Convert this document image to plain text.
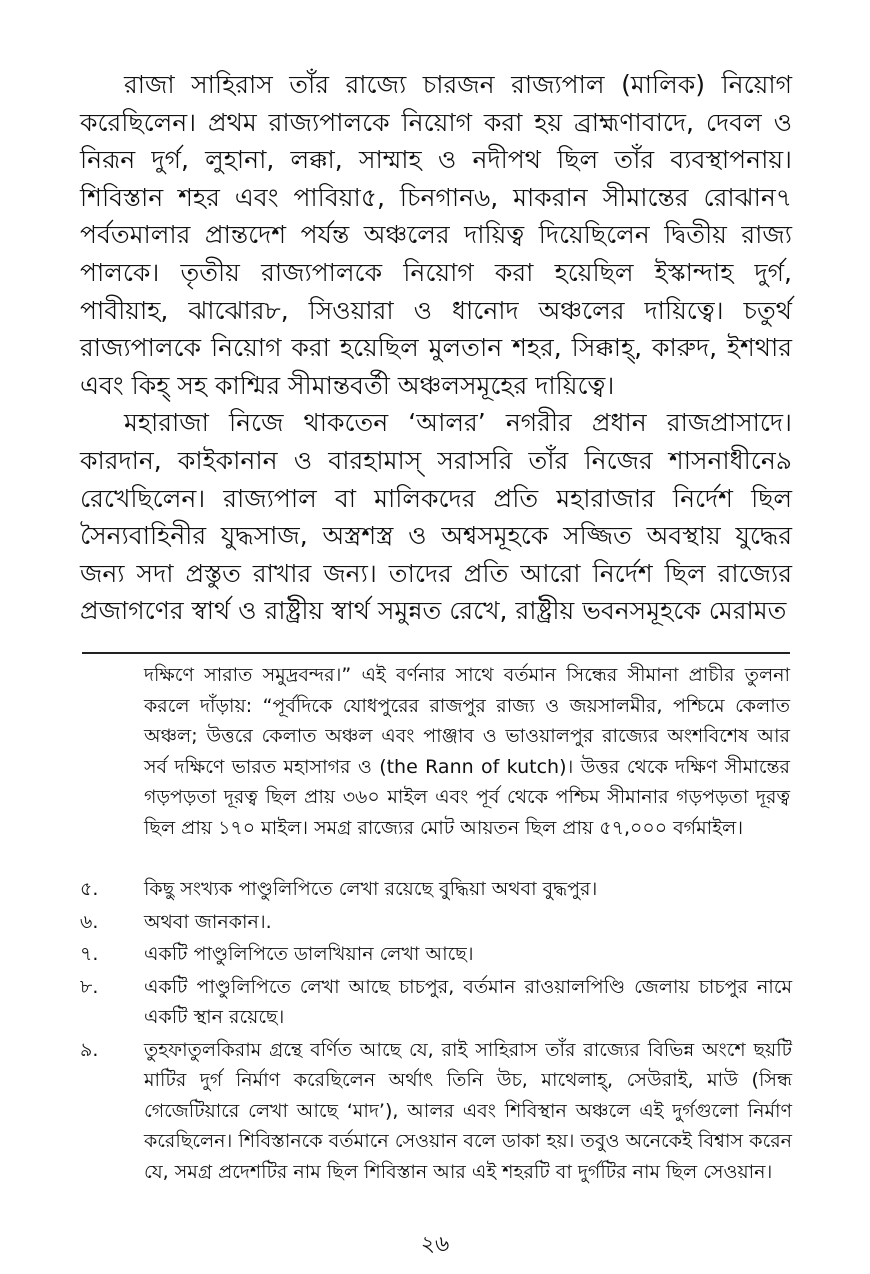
রাজা সাহিরাস তাঁর রাজ্যে চারজন রাজ্যপাল (মালিক) নিয়োগ করেছিলেন। প্রথম রাজ্যপালকে নিয়োগ করা হয় ব্রাহ্মণাবাদে, দেবল ও নিরূন দুর্গ, লুহানা, লক্কা, সাম্মাহ ও নদীপথ ছিল তাঁর ব্যবস্থাপনায়। শিবিস্তান শহর এবং পাবিয়া৫, চিনগান৬, মাকরান সীমান্তের রোঝান৭ পর্বতমালার প্রান্তদেশ পর্যন্ত অঞ্চলের দায়িত্ব দিয়েছিলেন দ্বিতীয় রাজ্য পালকে। তৃতীয় রাজ্যপালকে নিয়োগ করা হয়েছিল ইস্কান্দাহ দুর্গ, পাবীয়াহ, ঝাঝোর৮, সিওয়ারা ও ধানোদ অঞ্চলের দায়িত্বে। চতুর্থ রাজ্যপালকে নিয়োগ করা হয়েছিল মুলতান শহর, সিক্কাহ্, কারুদ, ইশথার এবং কিহ্ সহ কাশ্মির সীমান্তবর্তী অঞ্চলসমূহের দায়িত্বে।

মহারাজা নিজে থাকতেন ‘আলর’ নগরীর প্রধান রাজপ্রাসাদে। কারদান, কাইকানান ও বারহামাস্ সরাসরি তাঁর নিজের শাসনাধীনে৯ রেখেছিলেন। রাজ্যপাল বা মালিকদের প্রতি মহারাজার নির্দেশ ছিল সৈন্যবাহিনীর যুদ্ধসাজ, অস্ত্রশস্ত্র ও অশ্বসমূহকে সজ্জিত অবস্থায় যুদ্ধের জন্য সদা প্রস্তুত রাখার জন্য। তাদের প্রতি আরো নির্দেশ ছিল রাজ্যের প্রজাগণের স্বার্থ ও রাষ্ট্রীয় স্বার্থ সমুন্নত রেখে, রাষ্ট্রীয় ভবনসমূহকে মেরামত

দক্ষিণে সারাত সমুদ্রবন্দর।” এই বর্ণনার সাথে বর্তমান সিন্ধের সীমানা প্রাচীর তুলনা করলে দাঁড়ায়: “পূর্বদিকে যোধপুরের রাজপুর রাজ্য ও জয়সালমীর, পশ্চিমে কেলাত অঞ্চল; উত্তরে কেলাত অঞ্চল এবং পাঞ্জাব ও ভাওয়ালপুর রাজ্যের অংশবিশেষ আর সর্ব দক্ষিণে ভারত মহাসাগর ও (the Rann of kutch)। উত্তর থেকে দক্ষিণ সীমান্তের গড়পড়তা দূরত্ব ছিল প্রায় ৩৬০ মাইল এবং পূর্ব থেকে পশ্চিম সীমানার গড়পড়তা দূরত্ব ছিল প্রায় ১৭০ মাইল। সমগ্র রাজ্যের মোট আয়তন ছিল প্রায় ৫৭,০০০ বর্গমাইল।
৫.	কিছু সংখ্যক পাণ্ডুলিপিতে লেখা রয়েছে বুদ্ধিয়া অথবা বুদ্ধপুর।
৬.	অথবা জানকান।.
৭.	একটি পাণ্ডুলিপিতে ডালখিয়ান লেখা আছে।
৮.	একটি পাণ্ডুলিপিতে লেখা আছে চাচপুর, বর্তমান রাওয়ালপিণ্ডি জেলায় চাচপুর নামে একটি স্থান রয়েছে।
৯.	তুহফাতুলকিরাম গ্রন্থে বর্ণিত আছে যে, রাই সাহিরাস তাঁর রাজ্যের বিভিন্ন অংশে ছয়টি মাটির দুর্গ নির্মাণ করেছিলেন অর্থাৎ তিনি উচ, মাথেলাহ্, সেউরাই, মাউ (সিন্ধ গেজেটিয়ারে লেখা আছে ‘মাদ’), আলর এবং শিবিস্থান অঞ্চলে এই দুর্গগুলো নির্মাণ করেছিলেন। শিবিস্তানকে বর্তমানে সেওয়ান বলে ডাকা হয়। তবুও অনেকেই বিশ্বাস করেন যে, সমগ্র প্রদেশটির নাম ছিল শিবিস্তান আর এই শহরটি বা দুর্গটির নাম ছিল সেওয়ান।
২৬
